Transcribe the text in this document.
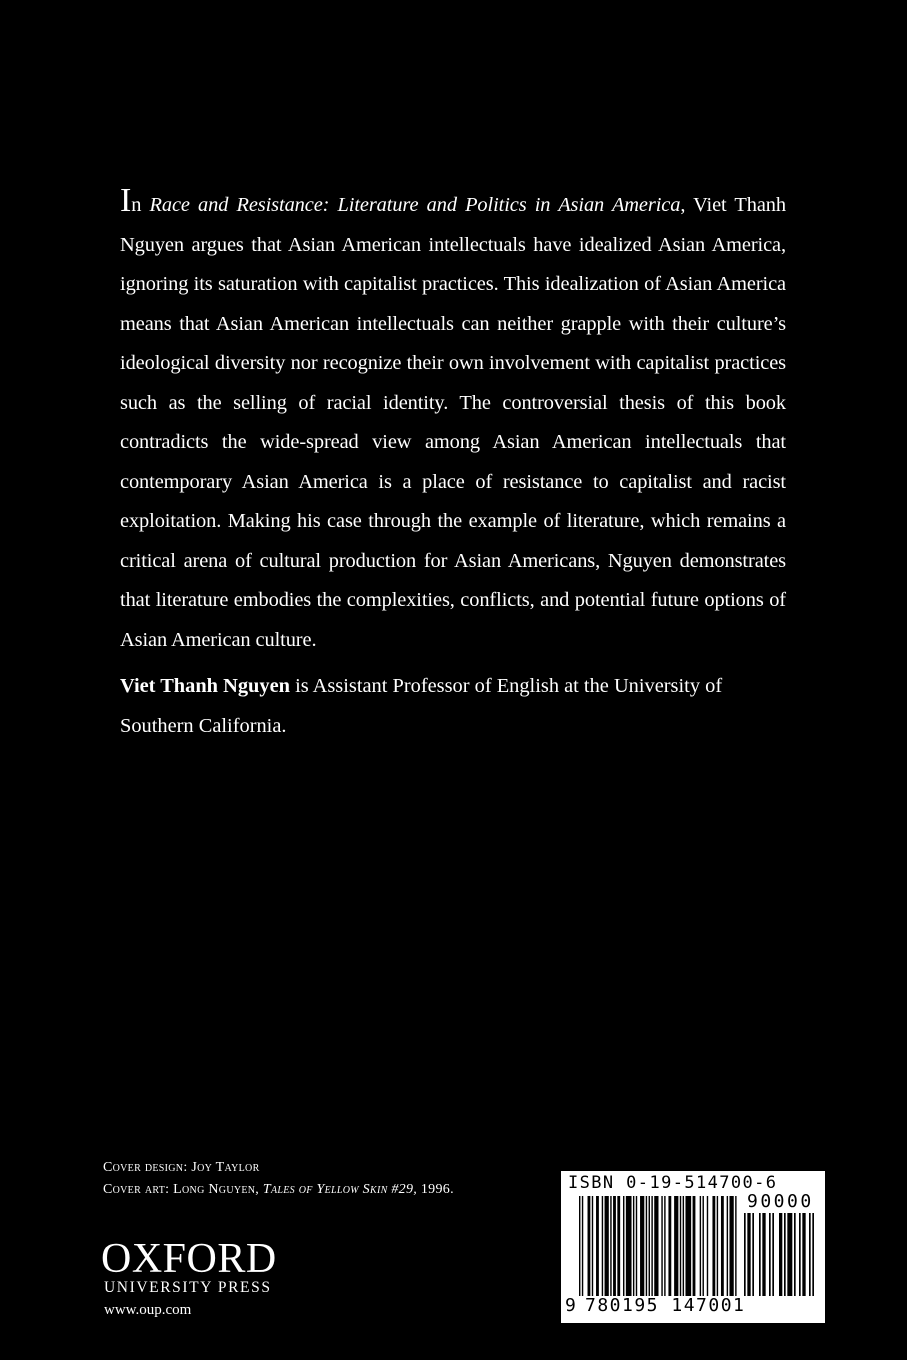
In Race and Resistance: Literature and Politics in Asian America, Viet Thanh Nguyen argues that Asian American intellectuals have idealized Asian America, ignoring its saturation with capitalist practices. This idealization of Asian America means that Asian American intellectuals can neither grapple with their culture’s ideological diversity nor recognize their own involvement with capitalist practices such as the selling of racial identity. The controversial thesis of this book contradicts the wide-spread view among Asian American intellectuals that contemporary Asian America is a place of resistance to capitalist and racist exploitation. Making his case through the example of literature, which remains a critical arena of cultural production for Asian Americans, Nguyen demonstrates that literature embodies the complexities, conflicts, and potential future options of Asian American culture.
Viet Thanh Nguyen is Assistant Professor of English at the University of Southern California.
Cover design: Joy Taylor
Cover art: Long Nguyen, Tales of Yellow Skin #29, 1996.
OXFORD
UNIVERSITY PRESS
www.oup.com
ISBN 0-19-514700-6
90000
9 780195 147001
